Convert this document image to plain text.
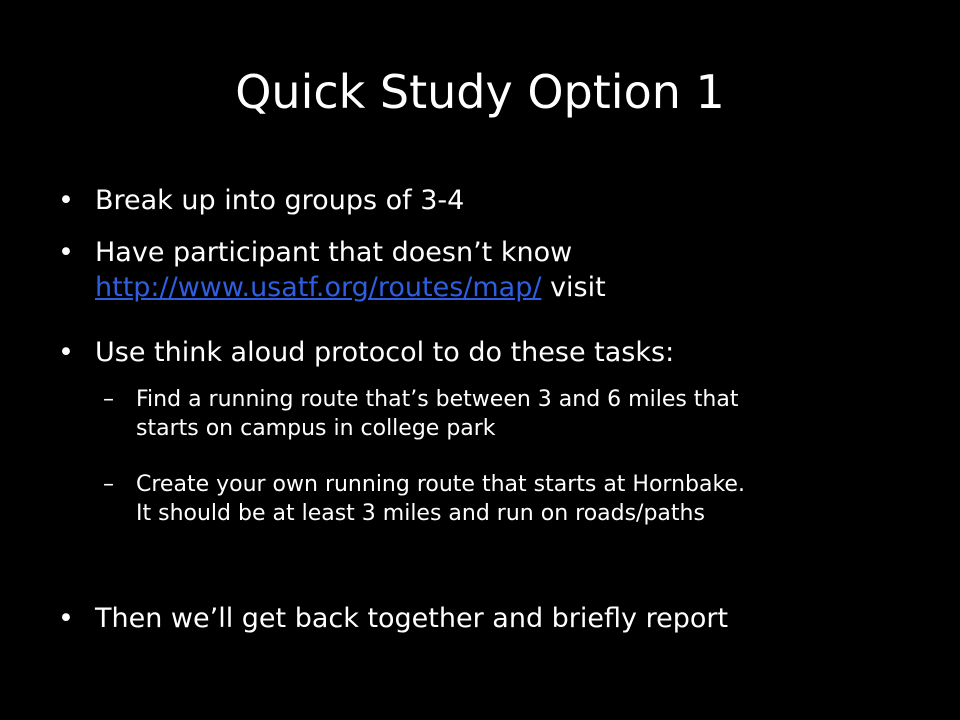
Quick Study Option 1
• Break up into groups of 3-4
• Have participant that doesn’t know
http://www.usatf.org/routes/map/ visit
• Use think aloud protocol to do these tasks:
– Find a running route that’s between 3 and 6 miles that
starts on campus in college park
– Create your own running route that starts at Hornbake.
It should be at least 3 miles and run on roads/paths
• Then we’ll get back together and briefly report
